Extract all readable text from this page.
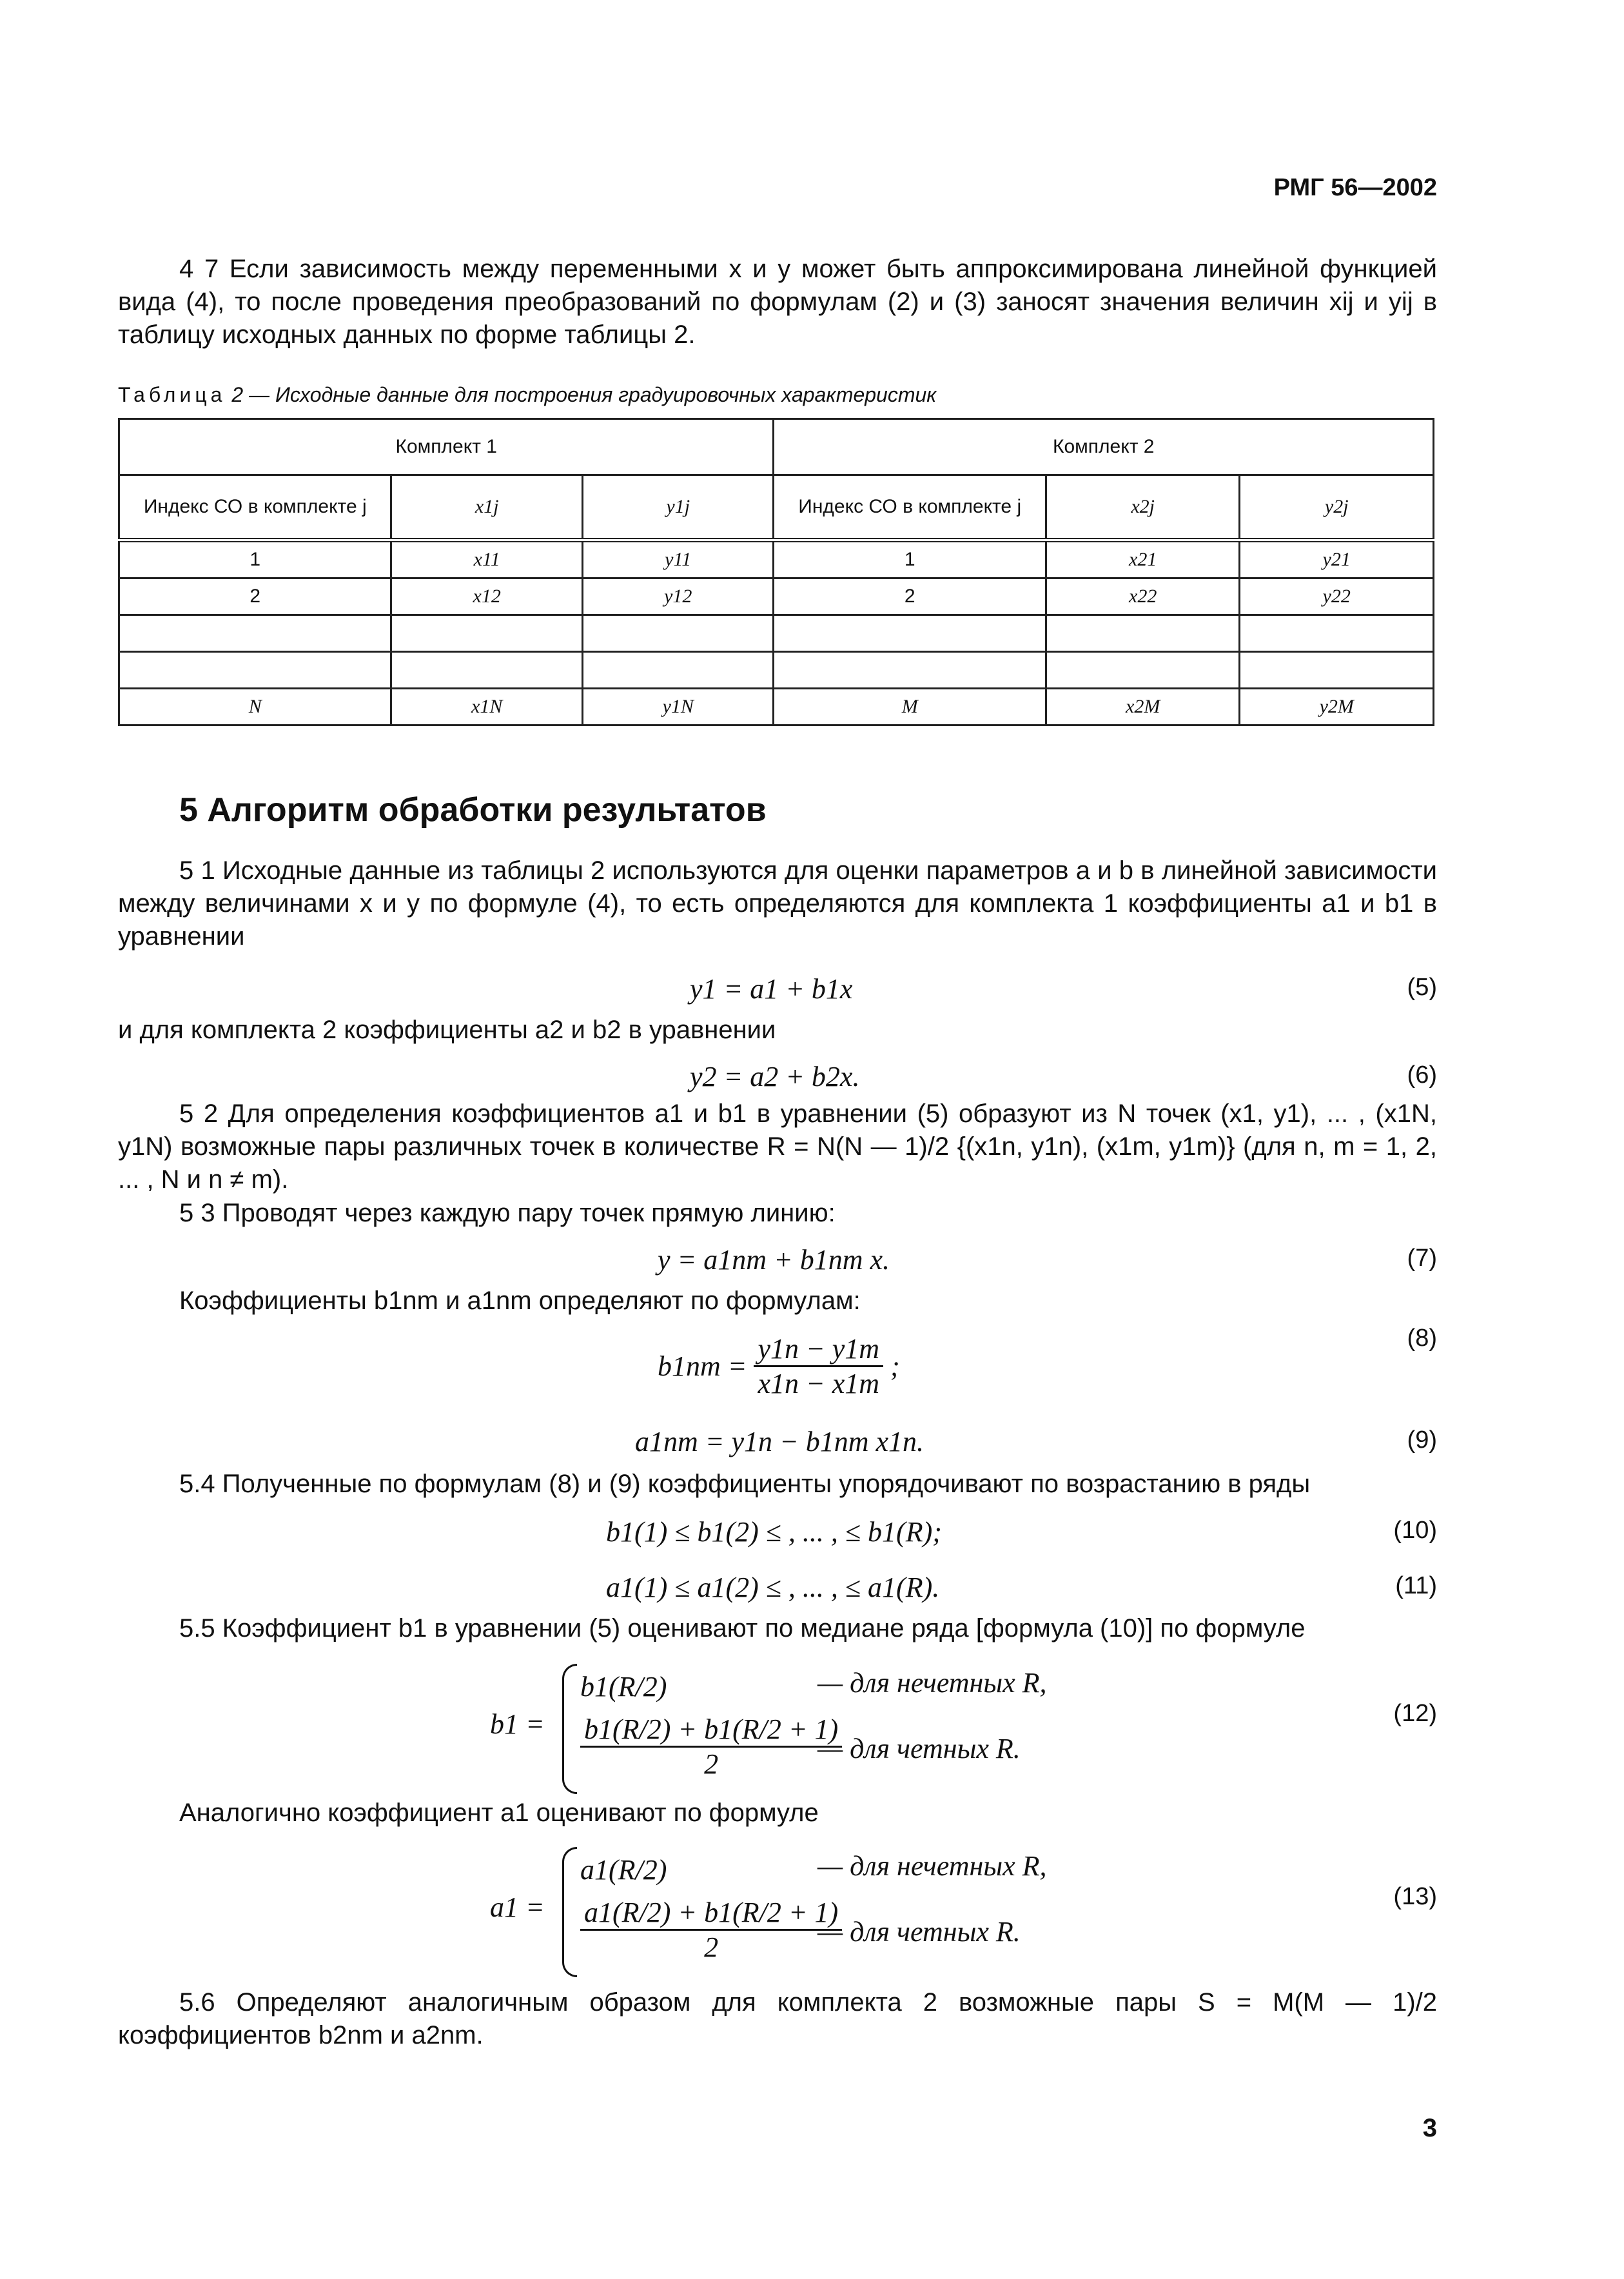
РМГ 56—2002
4 7 Если зависимость между переменными x и y может быть аппроксимирована линейной функцией вида (4), то после проведения преобразований по формулам (2) и (3) заносят значения величин xij и yij в таблицу исходных данных по форме таблицы 2.
Таблица 2 — Исходные данные для построения градуировочных характеристик
Комплект 1			Комплект 2		
Индекс СО в комплекте j	x1j	y1j	Индекс СО в комплекте j	x2j	y2j
1	x11	y11	1	x21	y21
2	x12	y12	2	x22	y22

N	x1N	y1N	M	x2M	y2M
5 Алгоритм обработки результатов
5 1 Исходные данные из таблицы 2 используются для оценки параметров a и b в линейной зависимости между величинами x и y по формуле (4), то есть определяются для комплекта 1 коэффициенты a1 и b1 в уравнении
y1 = a1 + b1x	(5)
и для комплекта 2 коэффициенты a2 и b2 в уравнении
y2 = a2 + b2x.	(6)
5 2 Для определения коэффициентов a1 и b1 в уравнении (5) образуют из N точек (x1, y1), ... , (x1N, y1N) возможные пары различных точек в количестве R = N(N — 1)/2 {(x1n, y1n), (x1m, y1m)} (для n, m = 1, 2, ... , N и n ≠ m).
5 3 Проводят через каждую пару точек прямую линию:
y = a1nm + b1nm x.	(7)
Коэффициенты b1nm и a1nm определяют по формулам:
$b1nm = \frac{y1n - y1m}{x1n - x1m}$ ;
(8)
a1nm = y1n − b1nm x1n.	(9)
5.4 Полученные по формулам (8) и (9) коэффициенты упорядочивают по возрастанию в ряды
b1(1) ≤ b1(2) ≤ , ... , ≤ b1(R);	(10)
a1(1) ≤ a1(2) ≤ , ... , ≤ a1(R).	(11)
5.5 Коэффициент b1 в уравнении (5) оценивают по медиане ряда [формула (10)] по формуле
b1 =
b1(R/2)	— для нечетных R,
$\frac{b1(R/2) + b1(R/2 + 1)}{2}$
— для четных R.
(12)
Аналогично коэффициент a1 оценивают по формуле
a1 =
a1(R/2)	— для нечетных R,
$\frac{a1(R/2) + b1(R/2 + 1)}{2}$
— для четных R.
(13)
5.6 Определяют аналогичным образом для комплекта 2 возможные пары S = M(M — 1)/2 коэффициентов b2nm и a2nm.
3
